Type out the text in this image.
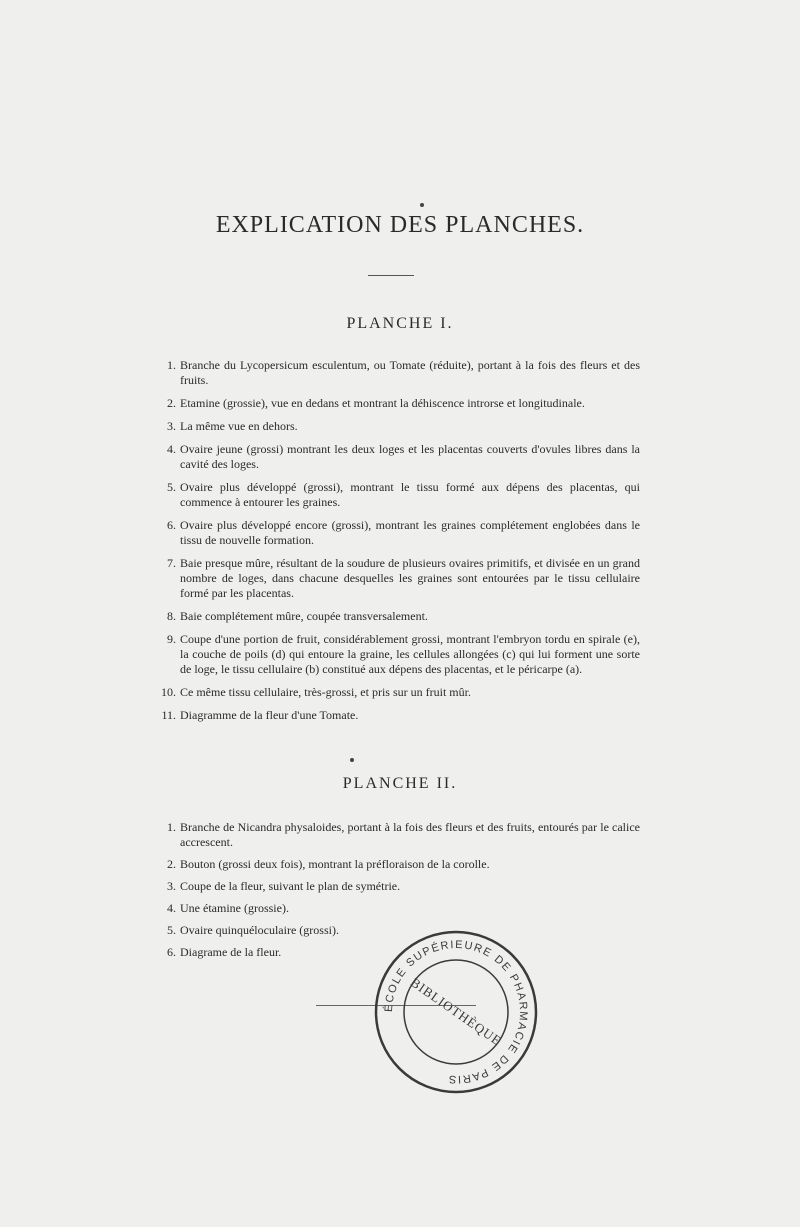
EXPLICATION DES PLANCHES.
PLANCHE I.
1. Branche du Lycopersicum esculentum, ou Tomate (réduite), portant à la fois des fleurs et des fruits.
2. Etamine (grossie), vue en dedans et montrant la déhiscence introrse et longitudinale.
3. La même vue en dehors.
4. Ovaire jeune (grossi) montrant les deux loges et les placentas couverts d'ovules libres dans la cavité des loges.
5. Ovaire plus développé (grossi), montrant le tissu formé aux dépens des placentas, qui commence à entourer les graines.
6. Ovaire plus développé encore (grossi), montrant les graines complétement englobées dans le tissu de nouvelle formation.
7. Baie presque mûre, résultant de la soudure de plusieurs ovaires primitifs, et divisée en un grand nombre de loges, dans chacune desquelles les graines sont entourées par le tissu cellulaire formé par les placentas.
8. Baie complétement mûre, coupée transversalement.
9. Coupe d'une portion de fruit, considérablement grossi, montrant l'embryon tordu en spirale (e), la couche de poils (d) qui entoure la graine, les cellules allongées (c) qui lui forment une sorte de loge, le tissu cellulaire (b) constitué aux dépens des placentas, et le péricarpe (a).
10. Ce même tissu cellulaire, très-grossi, et pris sur un fruit mûr.
11. Diagramme de la fleur d'une Tomate.
PLANCHE II.
1. Branche de Nicandra physaloides, portant à la fois des fleurs et des fruits, entourés par le calice accrescent.
2. Bouton (grossi deux fois), montrant la préfloraison de la corolle.
3. Coupe de la fleur, suivant le plan de symétrie.
4. Une étamine (grossie).
5. Ovaire quinquéloculaire (grossi).
6. Diagrame de la fleur.
ÉCOLE SUPÉRIEURE DE PHARMACIE DE PARIS
BIBLIOTHÈQUE
